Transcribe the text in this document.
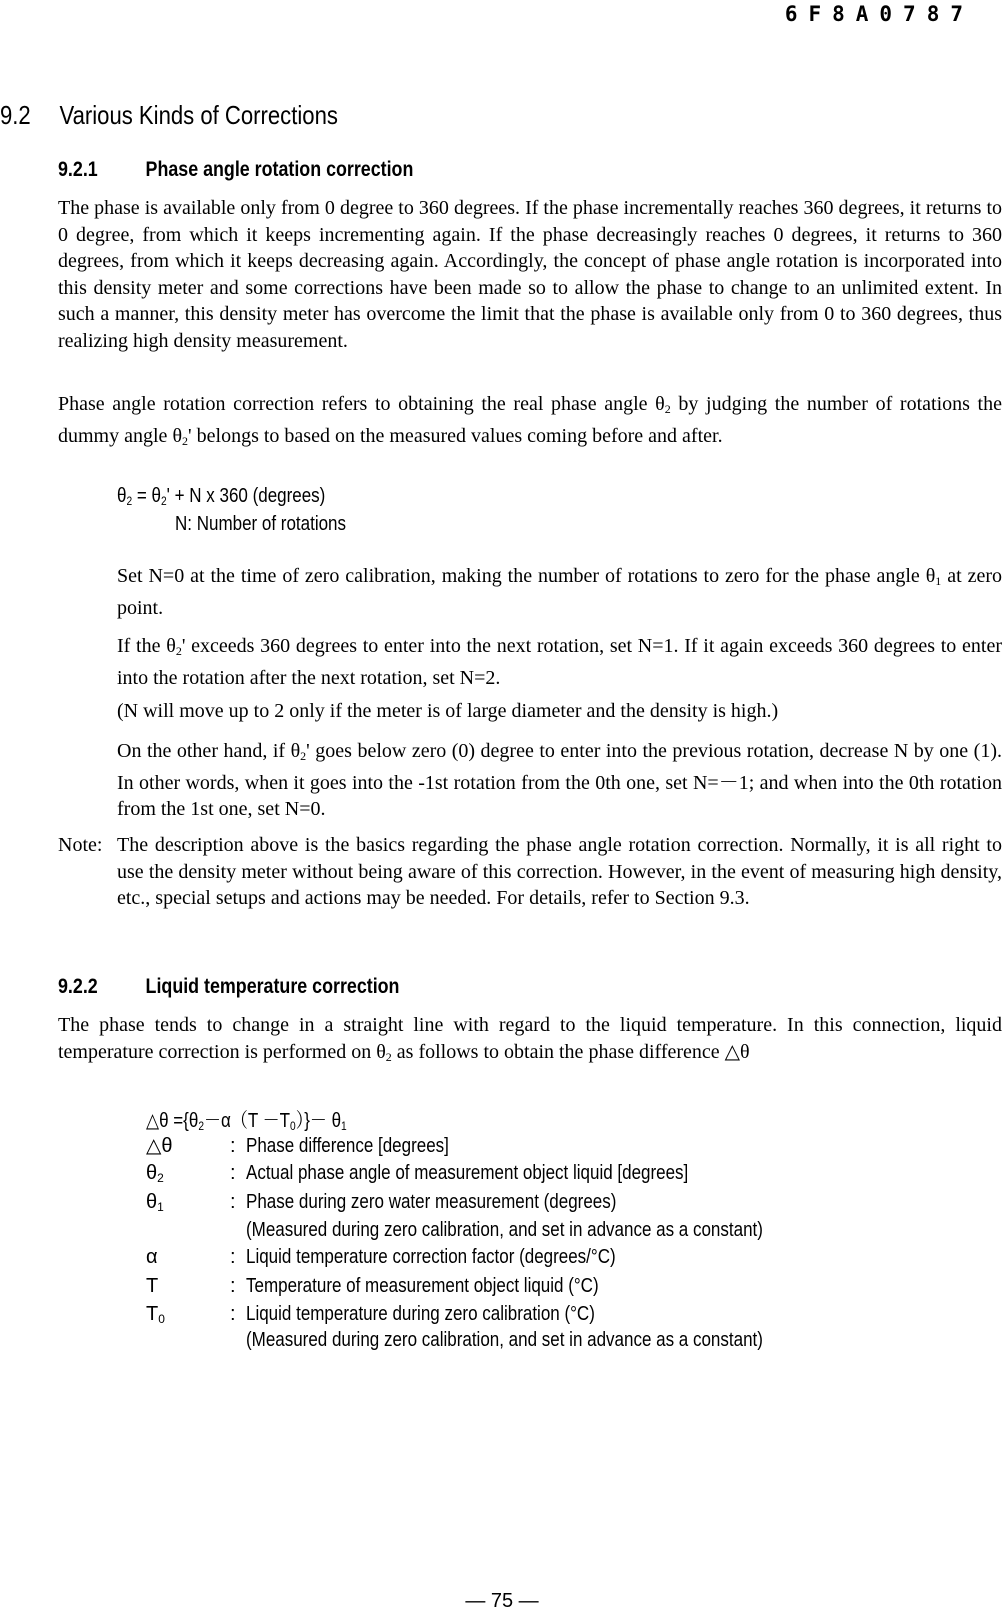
6F8A0787
9.2 Various Kinds of Corrections
9.2.1 Phase angle rotation correction

The phase is available only from 0 degree to 360 degrees. If the phase incrementally reaches 360 degrees, it returns to 0 degree, from which it keeps incrementing again. If the phase decreasingly reaches 0 degrees, it returns to 360 degrees, from which it keeps decreasing again. Accordingly, the concept of phase angle rotation is incorporated into this density meter and some corrections have been made so to allow the phase to change to an unlimited extent. In such a manner, this density meter has overcome the limit that the phase is available only from 0 to 360 degrees, thus realizing high density measurement.

Phase angle rotation correction refers to obtaining the real phase angle $\theta_2$ by judging the number of rotations the dummy angle $\theta_2'$ belongs to based on the measured values coming before and after.

$\theta_2 = \theta_2' + N$ x 360 (degrees)
N: Number of rotations

Set N=0 at the time of zero calibration, making the number of rotations to zero for the phase angle $\theta_1$ at zero point.

If the $\theta_2'$ exceeds 360 degrees to enter into the next rotation, set N=1. If it again exceeds 360 degrees to enter into the rotation after the next rotation, set N=2.

(N will move up to 2 only if the meter is of large diameter and the density is high.)

On the other hand, if $\theta_2'$ goes below zero (0) degree to enter into the previous rotation, decrease N by one (1). In other words, when it goes into the -1st rotation from the 0th one, set N=－1; and when into the 0th rotation from the 1st one, set N=0.

Note: The description above is the basics regarding the phase angle rotation correction. Normally, it is all right to use the density meter without being aware of this correction. However, in the event of measuring high density, etc., special setups and actions may be needed. For details, refer to Section 9.3.

9.2.2 Liquid temperature correction

The phase tends to change in a straight line with regard to the liquid temperature. In this connection, liquid temperature correction is performed on $\theta_2$ as follows to obtain the phase difference △θ

△θ $=\{\theta_2-\alpha(T -T_0)\}- \theta_1$
△θ	: Phase difference [degrees]
$\theta_2$	: Actual phase angle of measurement object liquid [degrees]
$\theta_1$	: Phase during zero water measurement (degrees)
(Measured during zero calibration, and set in advance as a constant)
α	: Liquid temperature correction factor (degrees/°C)
T	: Temperature of measurement object liquid (°C)
$T_0$	: Liquid temperature during zero calibration (°C)
(Measured during zero calibration, and set in advance as a constant)
— 75 —
